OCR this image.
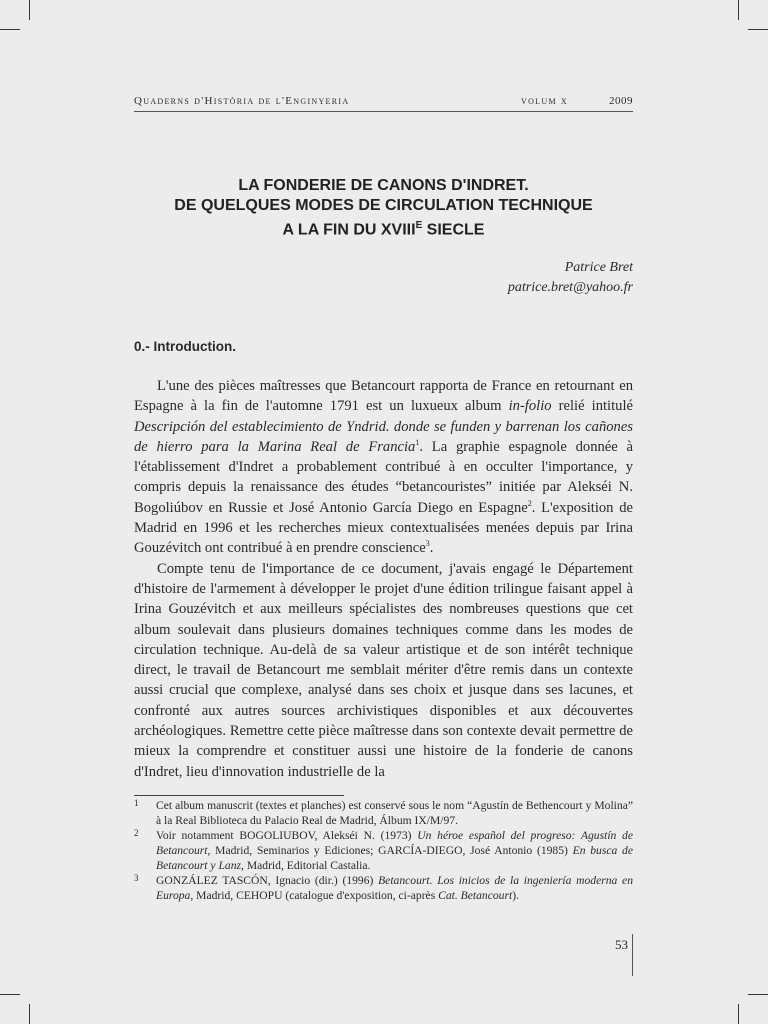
Quaderns d'Història de l'Enginyeria	volum x	2009
LA FONDERIE DE CANONS D'INDRET.
DE QUELQUES MODES DE CIRCULATION TECHNIQUE
A LA FIN DU $XVIII^E$ SIECLE
Patrice Bret
patrice.bret@yahoo.fr
0.- Introduction.

L'une des pièces maîtresses que Betancourt rapporta de France en retournant en Espagne à la fin de l'automne 1791 est un luxueux album in-folio relié intitulé Descripción del establecimiento de Yndrid. donde se funden y barrenan los cañones de hierro para la Marina Real de Francia$^1$. La graphie espagnole donnée à l'établissement d'Indret a probablement contribué à en occulter l'importance, y compris depuis la renaissance des études “betancouristes” initiée par Alekséi N. Bogoliúbov en Russie et José Antonio García Diego en Espagne$^2$. L'exposition de Madrid en 1996 et les recherches mieux contextualisées menées depuis par Irina Gouzévitch ont contribué à en prendre conscience$^3$.

Compte tenu de l'importance de ce document, j'avais engagé le Département d'histoire de l'armement à développer le projet d'une édition trilingue faisant appel à Irina Gouzévitch et aux meilleurs spécialistes des nombreuses questions que cet album soulevait dans plusieurs domaines techniques comme dans les modes de circulation technique. Au-delà de sa valeur artistique et de son intérêt technique direct, le travail de Betancourt me semblait mériter d'être remis dans un contexte aussi crucial que complexe, analysé dans ses choix et jusque dans ses lacunes, et confronté aux autres sources archivistiques disponibles et aux découvertes archéologiques. Remettre cette pièce maîtresse dans son contexte devait permettre de mieux la comprendre et constituer aussi une histoire de la fonderie de canons d'Indret, lieu d'innovation industrielle de la

1 Cet album manuscrit (textes et planches) est conservé sous le nom “Agustín de Bethencourt y Molina” à la Real Biblioteca du Palacio Real de Madrid, Álbum IX/M/97.
2 Voir notamment BOGOLIUBOV, Alekséi N. (1973) Un héroe español del progreso: Agustín de Betancourt, Madrid, Seminarios y Ediciones; GARCÍA-DIEGO, José Antonio (1985) En busca de Betancourt y Lanz, Madrid, Editorial Castalia.
3 GONZÁLEZ TASCÓN, Ignacio (dir.) (1996) Betancourt. Los inicios de la ingeniería moderna en Europa, Madrid, CEHOPU (catalogue d'exposition, ci-après Cat. Betancourt).
53
